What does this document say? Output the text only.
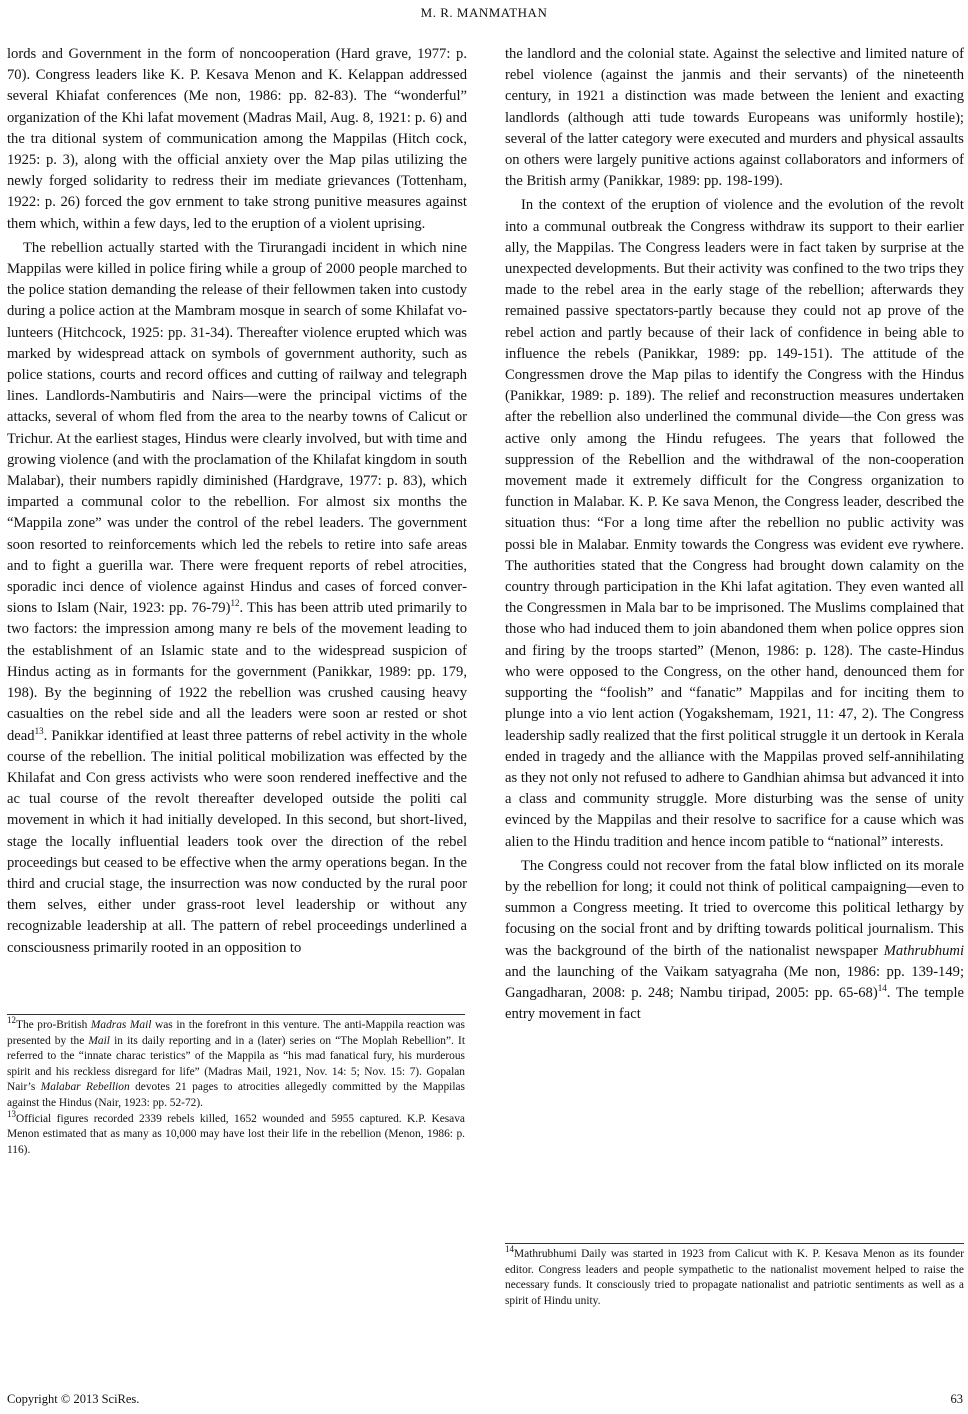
M. R. MANMATHAN

lords and Government in the form of noncooperation (Hard grave, 1977: p. 70). Congress leaders like K. P. Kesava Menon and K. Kelappan addressed several Khiafat conferences (Me non, 1986: pp. 82-83). The “wonderful” organization of the Khi lafat movement (Madras Mail, Aug. 8, 1921: p. 6) and the tra ditional system of communication among the Mappilas (Hitch cock, 1925: p. 3), along with the official anxiety over the Map pilas utilizing the newly forged solidarity to redress their im mediate grievances (Tottenham, 1922: p. 26) forced the gov ernment to take strong punitive measures against them which, within a few days, led to the eruption of a violent uprising.

The rebellion actually started with the Tirurangadi incident in which nine Mappilas were killed in police firing while a group of 2000 people marched to the police station demanding the release of their fellowmen taken into custody during a police action at the Mambram mosque in search of some Khilafat vo lunteers (Hitchcock, 1925: pp. 31-34). Thereafter violence erupted which was marked by widespread attack on symbols of government authority, such as police stations, courts and record offices and cutting of railway and telegraph lines. Landlords-Nambutiris and Nairs—were the principal victims of the attacks, several of whom fled from the area to the nearby towns of Calicut or Trichur. At the earliest stages, Hindus were clearly involved, but with time and growing violence (and with the proclamation of the Khilafat kingdom in south Malabar), their numbers rapidly diminished (Hardgrave, 1977: p. 83), which imparted a communal color to the rebellion. For almost six months the “Mappila zone” was under the control of the rebel leaders. The government soon resorted to reinforcements which led the rebels to retire into safe areas and to fight a guerilla war. There were frequent reports of rebel atrocities, sporadic inci dence of violence against Hindus and cases of forced conver sions to Islam (Nair, 1923: pp. 76-79)$^{12}$. This has been attrib uted primarily to two factors: the impression among many re bels of the movement leading to the establishment of an Islamic state and to the widespread suspicion of Hindus acting as in formants for the government (Panikkar, 1989: pp. 179, 198). By the beginning of 1922 the rebellion was crushed causing heavy casualties on the rebel side and all the leaders were soon ar rested or shot dead$^{13}$. Panikkar identified at least three patterns of rebel activity in the whole course of the rebellion. The initial political mobilization was effected by the Khilafat and Con gress activists who were soon rendered ineffective and the ac tual course of the revolt thereafter developed outside the politi cal movement in which it had initially developed. In this second, but short-lived, stage the locally influential leaders took over the direction of the rebel proceedings but ceased to be effective when the army operations began. In the third and crucial stage, the insurrection was now conducted by the rural poor them selves, either under grass-root level leadership or without any recognizable leadership at all. The pattern of rebel proceedings underlined a consciousness primarily rooted in an opposition to

the landlord and the colonial state. Against the selective and limited nature of rebel violence (against the janmis and their servants) of the nineteenth century, in 1921 a distinction was made between the lenient and exacting landlords (although atti tude towards Europeans was uniformly hostile); several of the latter category were executed and murders and physical assaults on others were largely punitive actions against collaborators and informers of the British army (Panikkar, 1989: pp. 198-199).

In the context of the eruption of violence and the evolution of the revolt into a communal outbreak the Congress withdraw its support to their earlier ally, the Mappilas. The Congress leaders were in fact taken by surprise at the unexpected developments. But their activity was confined to the two trips they made to the rebel area in the early stage of the rebellion; afterwards they remained passive spectators-partly because they could not ap prove of the rebel action and partly because of their lack of confidence in being able to influence the rebels (Panikkar, 1989: pp. 149-151). The attitude of the Congressmen drove the Map pilas to identify the Congress with the Hindus (Panikkar, 1989: p. 189). The relief and reconstruction measures undertaken after the rebellion also underlined the communal divide—the Con gress was active only among the Hindu refugees. The years that followed the suppression of the Rebellion and the withdrawal of the non-cooperation movement made it extremely difficult for the Congress organization to function in Malabar. K. P. Ke sava Menon, the Congress leader, described the situation thus: “For a long time after the rebellion no public activity was possi ble in Malabar. Enmity towards the Congress was evident eve rywhere. The authorities stated that the Congress had brought down calamity on the country through participation in the Khi lafat agitation. They even wanted all the Congressmen in Mala bar to be imprisoned. The Muslims complained that those who had induced them to join abandoned them when police oppres sion and firing by the troops started” (Menon, 1986: p. 128). The caste-Hindus who were opposed to the Congress, on the other hand, denounced them for supporting the “foolish” and “fanatic” Mappilas and for inciting them to plunge into a vio lent action (Yogakshemam, 1921, 11: 47, 2). The Congress leadership sadly realized that the first political struggle it un dertook in Kerala ended in tragedy and the alliance with the Mappilas proved self-annihilating as they not only not refused to adhere to Gandhian ahimsa but advanced it into a class and community struggle. More disturbing was the sense of unity evinced by the Mappilas and their resolve to sacrifice for a cause which was alien to the Hindu tradition and hence incom patible to “national” interests.

The Congress could not recover from the fatal blow inflicted on its morale by the rebellion for long; it could not think of political campaigning—even to summon a Congress meeting. It tried to overcome this political lethargy by focusing on the social front and by drifting towards political journalism. This was the background of the birth of the nationalist newspaper Mathrubhumi and the launching of the Vaikam satyagraha (Me non, 1986: pp. 139-149; Gangadharan, 2008: p. 248; Nambu tiripad, 2005: pp. 65-68)$^{14}$. The temple entry movement in fact

$^{12}$The pro-British Madras Mail was in the forefront in this venture. The anti-Mappila reaction was presented by the Mail in its daily reporting and in a (later) series on “The Moplah Rebellion”. It referred to the “innate charac teristics” of the Mappila as “his mad fanatical fury, his murderous spirit and his reckless disregard for life” (Madras Mail, 1921, Nov. 14: 5; Nov. 15: 7). Gopalan Nair’s Malabar Rebellion devotes 21 pages to atrocities allegedly committed by the Mappilas against the Hindus (Nair, 1923: pp. 52-72).

$^{13}$Official figures recorded 2339 rebels killed, 1652 wounded and 5955 captured. K.P. Kesava Menon estimated that as many as 10,000 may have lost their life in the rebellion (Menon, 1986: p. 116).

$^{14}$Mathrubhumi Daily was started in 1923 from Calicut with K. P. Kesava Menon as its founder editor. Congress leaders and people sympathetic to the nationalist movement helped to raise the necessary funds. It consciously tried to propagate nationalist and patriotic sentiments as well as a spirit of Hindu unity.

Copyright © 2013 SciRes.	63
